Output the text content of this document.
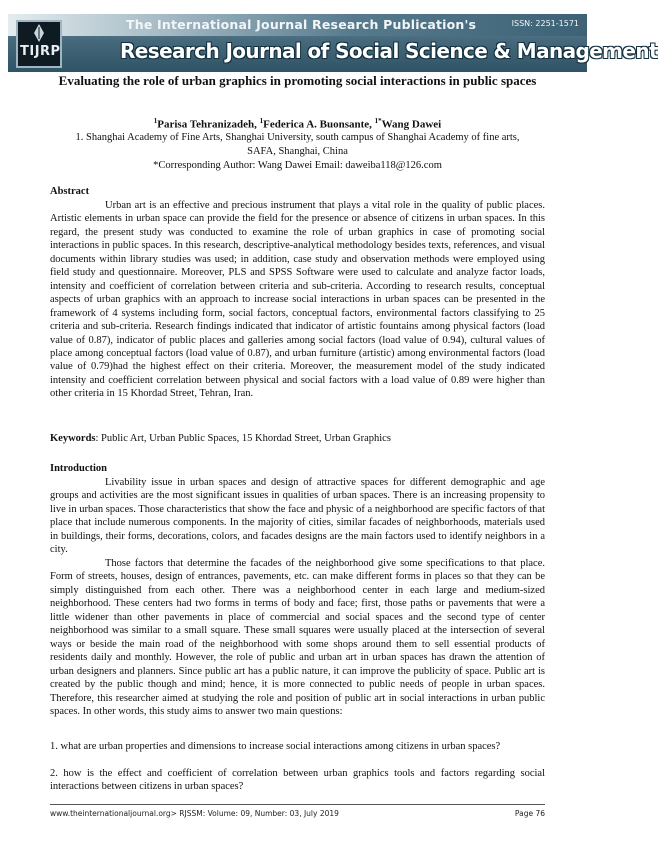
TIJRP
The International Journal Research Publication's	ISSN: 2251-1571
Research Journal of Social Science & Management
Evaluating the role of urban graphics in promoting social interactions in public spaces
$^1$Parisa Tehranizadeh, $^1$Federica A. Buonsante, $^{1*}$Wang Dawei
1. Shanghai Academy of Fine Arts, Shanghai University, south campus of Shanghai Academy of fine arts, SAFA, Shanghai, China
*Corresponding Author: Wang Dawei Email: daweiba118@126.com
Abstract
Urban art is an effective and precious instrument that plays a vital role in the quality of public places. Artistic elements in urban space can provide the field for the presence or absence of citizens in urban spaces. In this regard, the present study was conducted to examine the role of urban graphics in case of promoting social interactions in public spaces. In this research, descriptive-analytical methodology besides texts, references, and visual documents within library studies was used; in addition, case study and observation methods were employed using field study and questionnaire. Moreover, PLS and SPSS Software were used to calculate and analyze factor loads, intensity and coefficient of correlation between criteria and sub-criteria. According to research results, conceptual aspects of urban graphics with an approach to increase social interactions in urban spaces can be presented in the framework of 4 systems including form, social factors, conceptual factors, environmental factors classifying to 25 criteria and sub-criteria. Research findings indicated that indicator of artistic fountains among physical factors (load value of 0.87), indicator of public places and galleries among social factors (load value of 0.94), cultural values of place among conceptual factors (load value of 0.87), and urban furniture (artistic) among environmental factors (load value of 0.79)had the highest effect on their criteria. Moreover, the measurement model of the study indicated intensity and coefficient correlation between physical and social factors with a load value of 0.89 were higher than other criteria in 15 Khordad Street, Tehran, Iran.
Keywords: Public Art, Urban Public Spaces, 15 Khordad Street, Urban Graphics
Introduction
Livability issue in urban spaces and design of attractive spaces for different demographic and age groups and activities are the most significant issues in qualities of urban spaces. There is an increasing propensity to live in urban spaces. Those characteristics that show the face and physic of a neighborhood are specific factors of that place that include numerous components. In the majority of cities, similar facades of neighborhoods, materials used in buildings, their forms, decorations, colors, and facades designs are the main factors used to identify neighbors in a city.
Those factors that determine the facades of the neighborhood give some specifications to that place. Form of streets, houses, design of entrances, pavements, etc. can make different forms in places so that they can be simply distinguished from each other. There was a neighborhood center in each large and medium-sized neighborhood. These centers had two forms in terms of body and face; first, those paths or pavements that were a little widener than other pavements in place of commercial and social spaces and the second type of center neighborhood was similar to a small square. These small squares were usually placed at the intersection of several ways or beside the main road of the neighborhood with some shops around them to sell essential products of residents daily and monthly. However, the role of public and urban art in urban spaces has drawn the attention of urban designers and planners. Since public art has a public nature, it can improve the publicity of space. Public art is created by the public though and mind; hence, it is more connected to public needs of people in urban spaces. Therefore, this researcher aimed at studying the role and position of public art in social interactions in urban public spaces. In other words, this study aims to answer two main questions:
1. what are urban properties and dimensions to increase social interactions among citizens in urban spaces?
2. how is the effect and coefficient of correlation between urban graphics tools and factors regarding social interactions between citizens in urban spaces?
www.theinternationaljournal.org> RJSSM: Volume: 09, Number: 03, July 2019	Page 76
